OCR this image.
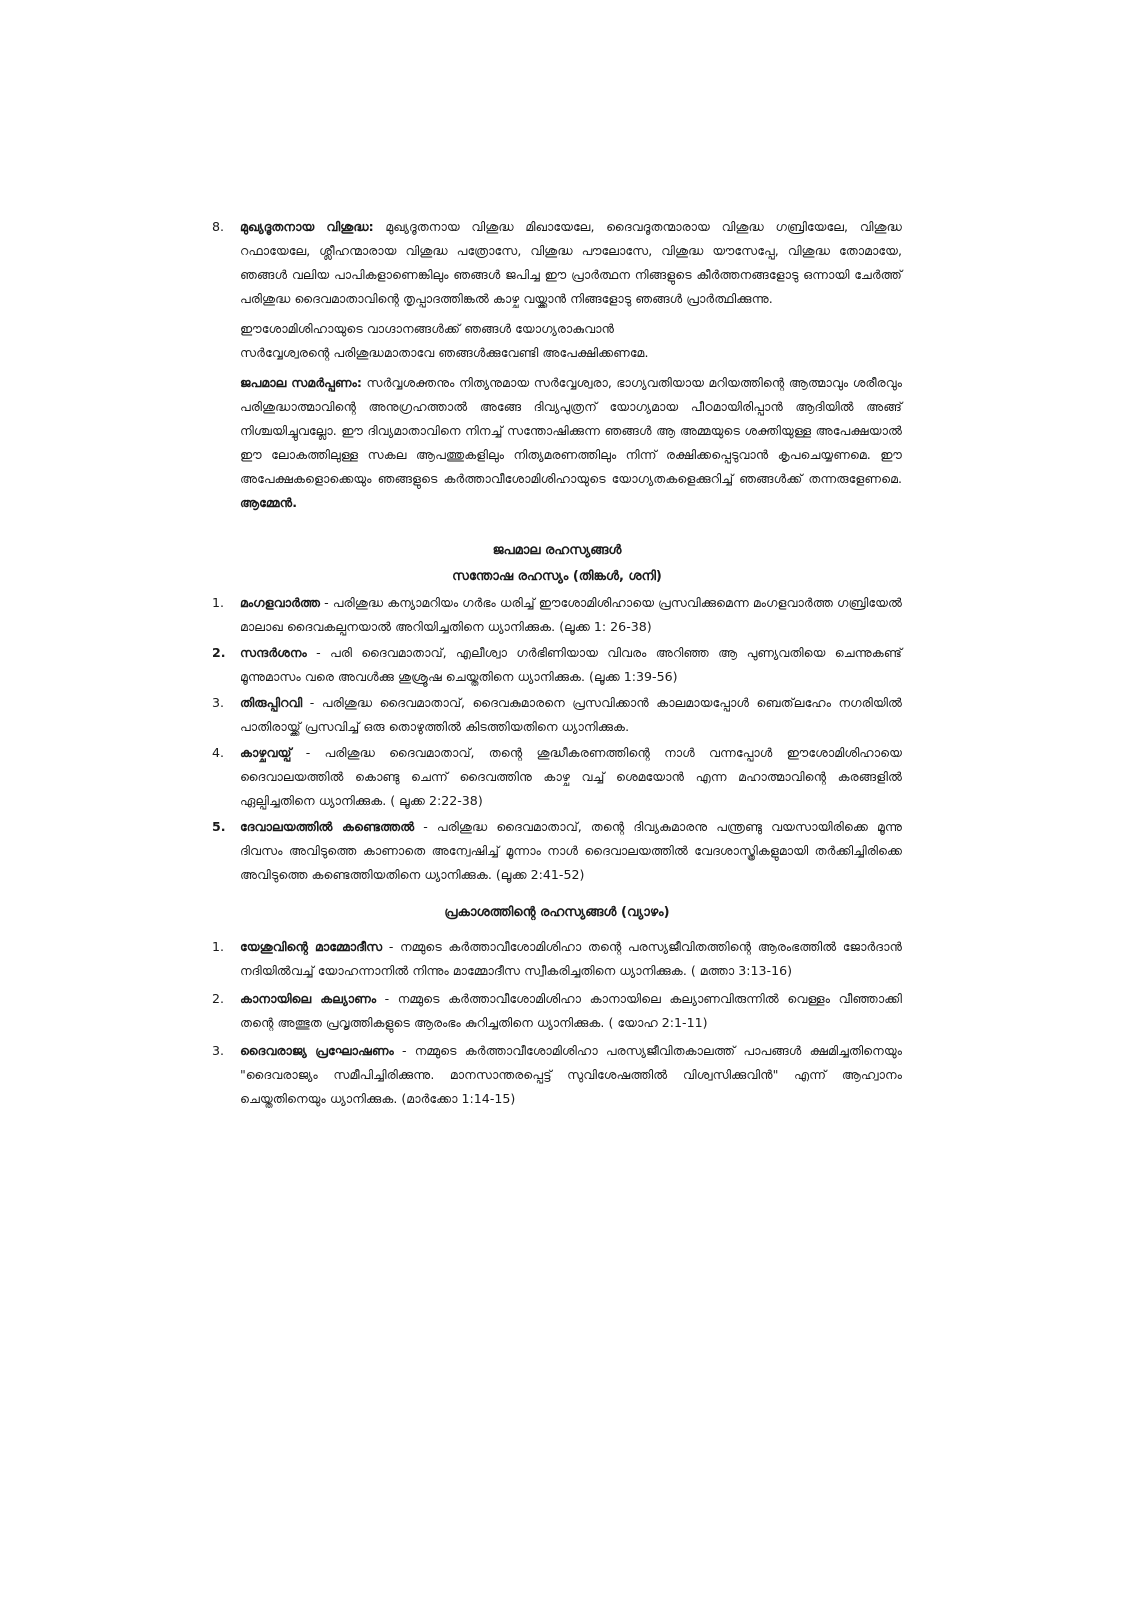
8.	മുഖ്യദൂതനായ വിശുദ്ധ: മുഖ്യദൂതനായ വിശുദ്ധ മിഖായേലേ, ദൈവദൂതന്മാരായ വിശുദ്ധ ഗബ്രിയേലേ, വിശുദ്ധ റഫായേലേ, ശ്ലീഹന്മാരായ വിശുദ്ധ പത്രോസേ, വിശുദ്ധ പൗലോസേ, വിശുദ്ധ യൗസേപ്പേ, വിശുദ്ധ തോമായേ, ഞങ്ങൾ വലിയ പാപികളാണെങ്കിലും ഞങ്ങൾ ജപിച്ച ഈ പ്രാർത്ഥന നിങ്ങളുടെ കീർത്തനങ്ങളോടു ഒന്നായി ചേർത്ത് പരിശുദ്ധ ദൈവമാതാവിന്റെ തൃപ്പാദത്തിങ്കൽ കാഴ്ച വയ്ക്കാൻ നിങ്ങളോടു ഞങ്ങൾ പ്രാർത്ഥിക്കുന്നു.
ഈശോമിശിഹായുടെ വാഗ്ദാനങ്ങൾക്ക് ഞങ്ങൾ യോഗ്യരാകുവാൻ
സർവ്വേശ്വരന്റെ പരിശുദ്ധമാതാവേ ഞങ്ങൾക്കുവേണ്ടി അപേക്ഷിക്കണമേ.
ജപമാല സമർപ്പണം: സർവ്വശക്തനും നിത്യനുമായ സർവ്വേശ്വരാ, ഭാഗ്യവതിയായ മറിയത്തിന്റെ ആത്മാവും ശരീരവും പരിശുദ്ധാത്മാവിന്റെ അനുഗ്രഹത്താൽ അങ്ങേ ദിവ്യപുത്രന് യോഗ്യമായ പീഠമായിരിപ്പാൻ ആദിയിൽ അങ്ങ് നിശ്ചയിച്ചുവല്ലോ. ഈ ദിവ്യമാതാവിനെ നിനച്ച് സന്തോഷിക്കുന്ന ഞങ്ങൾ ആ അമ്മയുടെ ശക്തിയുള്ള അപേക്ഷയാൽ ഈ ലോകത്തിലുള്ള സകല ആപത്തുകളിലും നിത്യമരണത്തിലും നിന്ന് രക്ഷിക്കപ്പെടുവാൻ കൃപചെയ്യണമെ. ഈ അപേക്ഷകളൊക്കെയും ഞങ്ങളുടെ കർത്താവീശോമിശിഹായുടെ യോഗ്യതകളെക്കുറിച്ച് ഞങ്ങൾക്ക് തന്നരുളേണമെ. ആമ്മേൻ.
ജപമാല രഹസ്യങ്ങൾ
സന്തോഷ രഹസ്യം (തിങ്കൾ, ശനി)
1.	മംഗളവാർത്ത - പരിശുദ്ധ കന്യാമറിയം ഗർഭം ധരിച്ച് ഈശോമിശിഹായെ പ്രസവിക്കുമെന്ന മംഗളവാർത്ത ഗബ്രിയേൽ മാലാഖ ദൈവകല്പനയാൽ അറിയിച്ചതിനെ ധ്യാനിക്കുക. (ലൂക്ക 1: 26-38)
2.	സന്ദർശനം - പരി ദൈവമാതാവ്, എലീശ്വാ ഗർഭിണിയായ വിവരം അറിഞ്ഞ ആ പുണ്യവതിയെ ചെന്നുകണ്ട് മൂന്നുമാസം വരെ അവൾക്കു ശുശ്രൂഷ ചെയ്തതിനെ ധ്യാനിക്കുക. (ലൂക്ക 1:39-56)
3.	തിരുപ്പിറവി - പരിശുദ്ധ ദൈവമാതാവ്, ദൈവകുമാരനെ പ്രസവിക്കാൻ കാലമായപ്പോൾ ബെത്‌ലഹേം നഗരിയിൽ പാതിരായ്ക്ക് പ്രസവിച്ച് ഒരു തൊഴുത്തിൽ കിടത്തിയതിനെ ധ്യാനിക്കുക.
4.	കാഴ്ചവയ്പ് - പരിശുദ്ധ ദൈവമാതാവ്, തന്റെ ശുദ്ധീകരണത്തിന്റെ നാൾ വന്നപ്പോൾ ഈശോമിശിഹായെ ദൈവാലയത്തിൽ കൊണ്ടു ചെന്ന് ദൈവത്തിനു കാഴ്ച വച്ച് ശെമയോൻ എന്ന മഹാത്മാവിന്റെ കരങ്ങളിൽ ഏല്പിച്ചതിനെ ധ്യാനിക്കുക. ( ലൂക്ക 2:22-38)
5.	ദേവാലയത്തിൽ കണ്ടെത്തൽ - പരിശുദ്ധ ദൈവമാതാവ്, തന്റെ ദിവ്യകുമാരനു പന്ത്രണ്ടു വയസായിരിക്കെ മൂന്നു ദിവസം അവിടുത്തെ കാണാതെ അന്വേഷിച്ച് മൂന്നാം നാൾ ദൈവാലയത്തിൽ വേദശാസ്ത്രികളുമായി തർക്കിച്ചിരിക്കെ അവിടുത്തെ കണ്ടെത്തിയതിനെ ധ്യാനിക്കുക. (ലൂക്ക 2:41-52)
പ്രകാശത്തിന്റെ രഹസ്യങ്ങൾ (വ്യാഴം)
1.	യേശുവിന്റെ മാമ്മോദീസ - നമ്മുടെ കർത്താവീശോമിശിഹാ തന്റെ പരസ്യജീവിതത്തിന്റെ ആരംഭത്തിൽ ജോർദാൻ നദിയിൽവച്ച് യോഹന്നാനിൽ നിന്നും മാമ്മോദീസ സ്വീകരിച്ചതിനെ ധ്യാനിക്കുക. ( മത്താ 3:13-16)
2.	കാനായിലെ കല്യാണം - നമ്മുടെ കർത്താവീശോമിശിഹാ കാനായിലെ കല്യാണവിരുന്നിൽ വെള്ളം വീഞ്ഞാക്കി തന്റെ അത്ഭുത പ്രവൃത്തികളുടെ ആരംഭം കുറിച്ചതിനെ ധ്യാനിക്കുക. ( യോഹ 2:1-11)
3.	ദൈവരാജ്യ പ്രഘോഷണം - നമ്മുടെ കർത്താവീശോമിശിഹാ പരസ്യജീവിതകാലത്ത് പാപങ്ങൾ ക്ഷമിച്ചതിനെയും "ദൈവരാജ്യം സമീപിച്ചിരിക്കുന്നു. മാനസാന്തരപ്പെട്ട് സുവിശേഷത്തിൽ വിശ്വസിക്കുവിൻ" എന്ന് ആഹ്വാനം ചെയ്തതിനെയും ധ്യാനിക്കുക. (മാർക്കോ 1:14-15)
